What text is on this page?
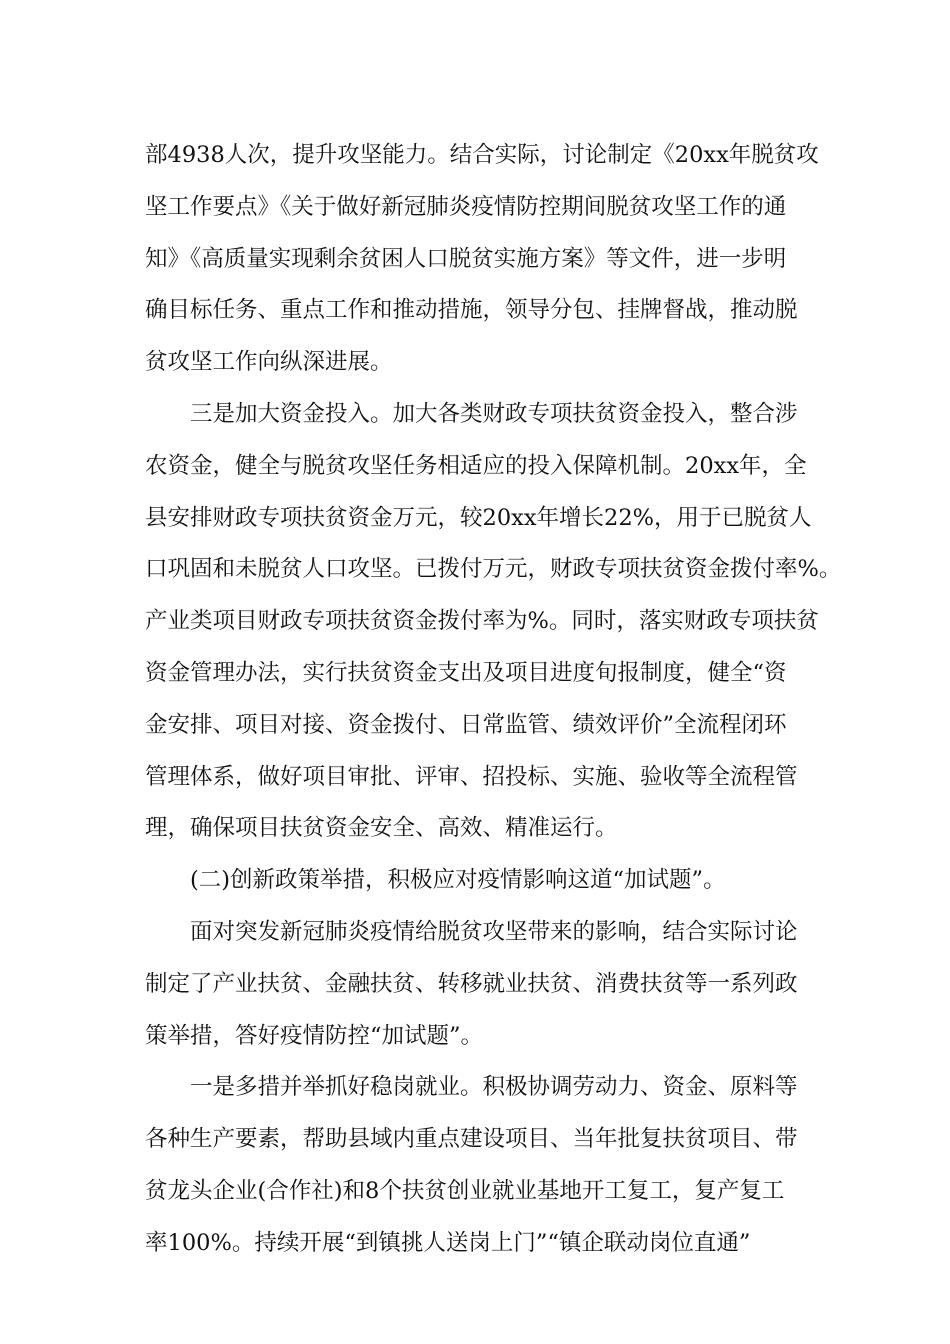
部4938人次，提升攻坚能力。结合实际，讨论制定《20xx年脱贫攻
坚工作要点》《关于做好新冠肺炎疫情防控期间脱贫攻坚工作的通
知》《高质量实现剩余贫困人口脱贫实施方案》等文件，进一步明
确目标任务、重点工作和推动措施，领导分包、挂牌督战，推动脱
贫攻坚工作向纵深进展。
三是加大资金投入。加大各类财政专项扶贫资金投入，整合涉
农资金，健全与脱贫攻坚任务相适应的投入保障机制。20xx年，全
县安排财政专项扶贫资金万元，较20xx年增长22%，用于已脱贫人
口巩固和未脱贫人口攻坚。已拨付万元，财政专项扶贫资金拨付率%。
产业类项目财政专项扶贫资金拨付率为%。同时，落实财政专项扶贫
资金管理办法，实行扶贫资金支出及项目进度旬报制度，健全“资
金安排、项目对接、资金拨付、日常监管、绩效评价”全流程闭环
管理体系，做好项目审批、评审、招投标、实施、验收等全流程管
理，确保项目扶贫资金安全、高效、精准运行。
(二)创新政策举措，积极应对疫情影响这道“加试题”。
面对突发新冠肺炎疫情给脱贫攻坚带来的影响，结合实际讨论
制定了产业扶贫、金融扶贫、转移就业扶贫、消费扶贫等一系列政
策举措，答好疫情防控“加试题”。
一是多措并举抓好稳岗就业。积极协调劳动力、资金、原料等
各种生产要素，帮助县域内重点建设项目、当年批复扶贫项目、带
贫龙头企业(合作社)和8个扶贫创业就业基地开工复工，复产复工
率100%。持续开展“到镇挑人送岗上门”“镇企联动岗位直通”
